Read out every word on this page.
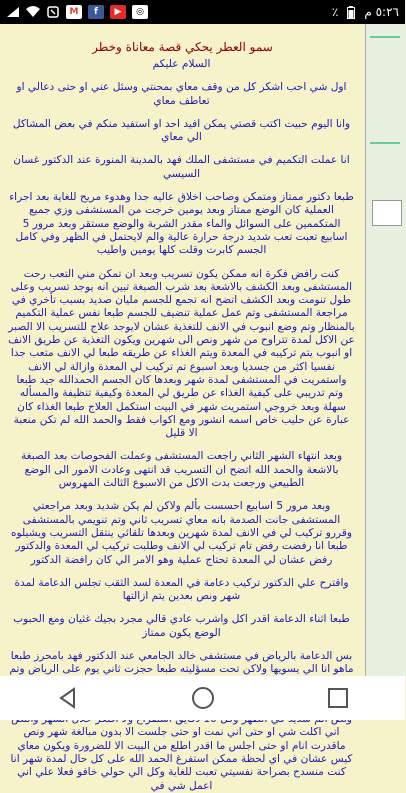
M	f	▶	◎	٪ ٥:٢٦ م
سمو العطر يحكي قصة معاناة وخطر

السلام عليكم

اول شي احب اشكر كل من وقف معاي بمحنتي وسئل عني او حتى دعالي او تعاطف معاي

وانا اليوم حبيت اكتب قصتي يمكن افيد احد او استفيد منكم في بعض المشاكل الي معاي

انا عملت التكميم في مستشفى الملك فهد بالمدينة المنورة عند الدكتور غسان السيسي

طبعا دكتور ممتاز ومتمكن وصاحب اخلاق عاليه جدا وهدوء مريح للغاية بعد اجراء العملية كان الوضع ممتاز وبعد يومين خرجت من المستشفى وزي جميع المتكممين على السوائل والماء مقدر الشربة والوضع مستقر وبعد مرور 5 اسابيع تعبت تعب شديد درجة حرارة عالية والم لايحتمل في الظهر وفي كامل الجسم كابرت وقلت كلها يومين واطيب

كنت رافض فكرة انه ممكن يكون تسريب وبعد ان تمكن مني التعب رحت المستشفى وبعد الكشف بالاشعة بعد شرب الصبغة تبين انه يوجد تسريب وعلى طول تنومت وبعد الكشف اتضح انه تجمع للجسم مليان صديد بسبب تأخري في مراجعة المستشفى وتم عمل عملية تنضيف للجسم طبعا نفس عملية التكميم بالمنظار وتم وضع انبوب في الانف للتغذية عشان لايوجد علاج للتسريب الا الصبر عن الاكل لمدة تتراوح من شهر ونص الى شهرين ويكون التغذية عن طريق الانف او انبوب يتم تركيبه في المعدة ويتم الغذاء عن طريقه طبعا لي الانف متعب جدا نفسيا اكثر من جسديا وبعد اسبوع تم تركيب لي المعدة وازالة لي الانف واستمريت في المستشفى لمدة شهر وبعدها كان الجسم الحمدالله جيد طبعا وتم تدريبي على كيفية الغذاء عن طريق لي المعدة وكيفية تنظيفة والمسأله سهلة وبعد خروجي استمريت شهر في البيت استكمل العلاج طبعا الغذاء كان عبارة عن حليب خاص اسمه انشور ومع اكواب فقط والحمد الله لم تكن منعبة الا قليل

وبعد انتهاء الشهر الثاني راجعت المستشفى وعملت الفحوصات بعد الصبغة بالاشعة والحمد الله اتضح ان التسريب قد انتهى وعادت الامور الى الوضع الطبيعي ورجعت بدت الاكل من الاسبوع الثالث المهروس

وبعد مرور 5 اسابيع احسست بألم ولاكن لم يكن شديد وبعد مراجعتي المستشفى جانت الصدمة بانه معاي تسريب ثاني وتم تنويمي بالمستشفى وقررو تركيب لي في الانف لمدة شهرين وبعدها تلقائي ينتقل التسريب ويشيلوه طبعا انا رفضت رفض تام تركيب لي الانف وطلبت تركيب لي المعدة والدكتور رفض عشان لي المعدة تحتاج عملية وهو الامر الي كان رافضة الدكتور

واقترح علي الدكتور تركيب دعامة في المعدة لسد الثقب تجلس الدعامة لمدة شهر ونص بعدين يتم ازالتها

طبعا اثناء الدعامة اقدر اكل واشرب عادي قالي مجرد بجيك غثيان ومع الحبوب الوضع يكون ممتاز

بس الدعامة بالرياض في مستشفى خالد الجامعي عند الدكتور فهد بامحرز طبعا ماهو انا الي يسويها ولاكن تحت مسؤليته طبعا حجزت ثاني يوم على الرياض وتم

اني اكلت شي او حتى اني نمت او حتى جلست الا بدون مبالغة شهر ونص ماقدرت انام او حتى اجلس ما اقدر اطلع من البيت الا للضرورة ويكون معاي كيس عشان في اي لحظة ممكن استفرغ الحمد الله على كل حال لمدة شهر انا كنت منسدح بصراحة نفسيتي تعبت للغاية وكل الي حولي خافو فعلا علي اني اعمل شي في
